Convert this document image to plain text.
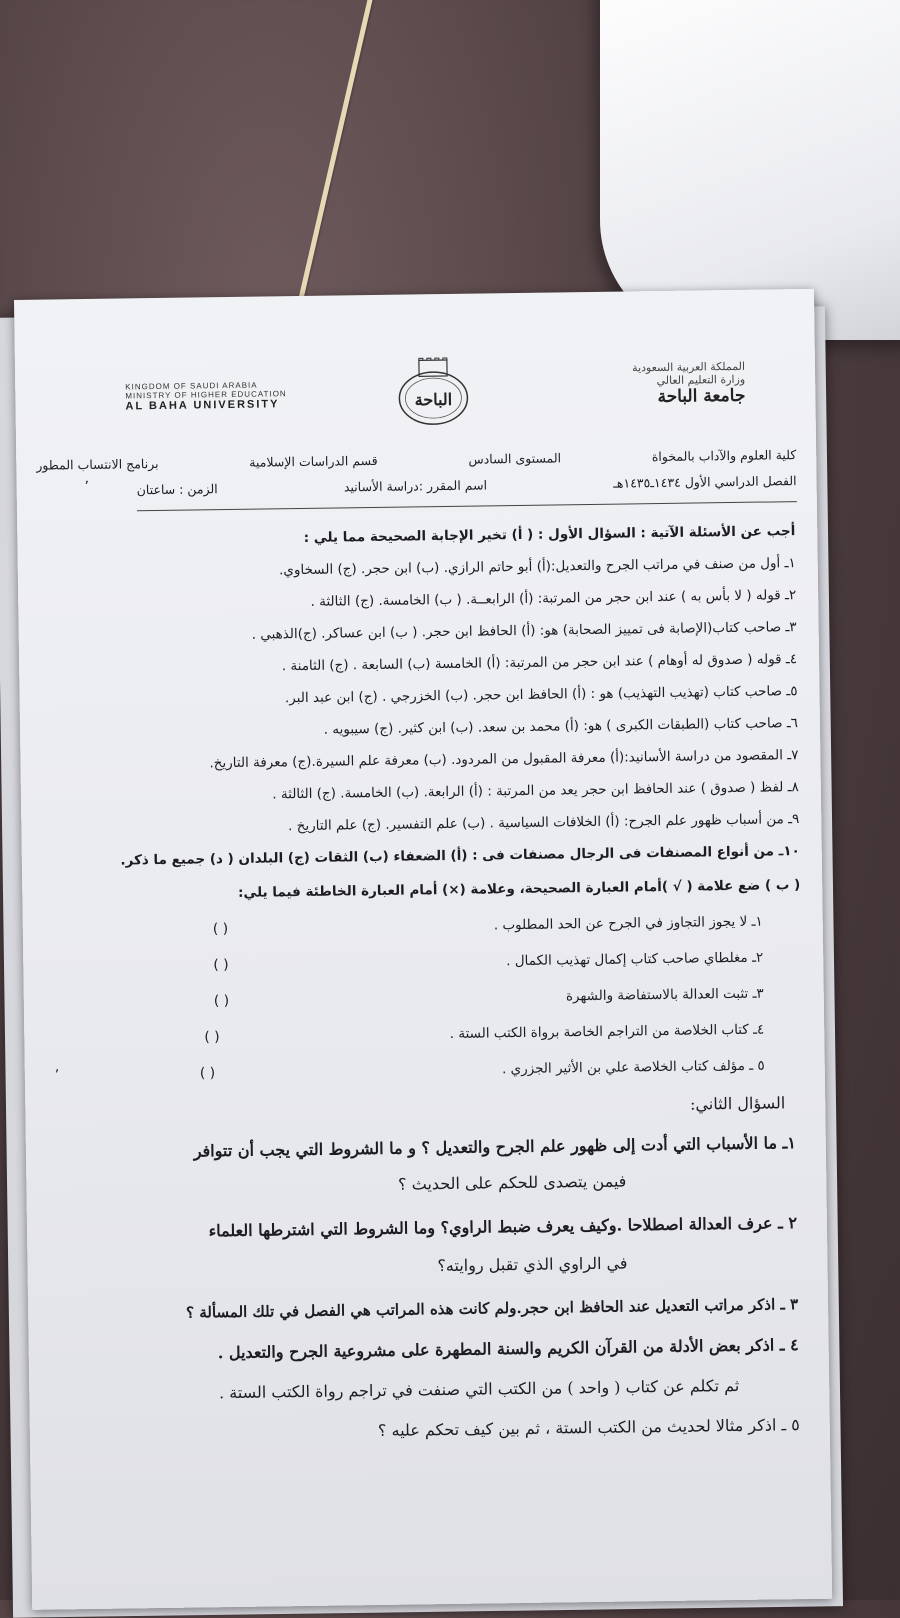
المملكة العربية السعودية
وزارة التعليم العالي
جامعة الباحة
الباحة
KINGDOM OF SAUDI ARABIA
MINISTRY OF HIGHER EDUCATION
AL BAHA UNIVERSITY
كلية العلوم والآداب بالمخواة
المستوى السادس
قسم الدراسات الإسلامية
برنامج الانتساب المطور
الفصل الدراسي الأول ١٤٣٤ـ١٤٣٥هـ
اسم المقرر :دراسة الأسانيد
الزمن : ساعتان
ʼ
أجب عن الأسئلة الآتية : السؤال الأول : ( أ) تخير الإجابة الصحيحة مما يلي :
١ـ أول من صنف في مراتب الجرح والتعديل:(أ) أبو حاتم الرازي. (ب) ابن حجر. (ج) السخاوي.
٢ـ قوله ( لا بأس به ) عند ابن حجر من المرتبة: (أ) الرابعــة. ( ب) الخامسة. (ج) الثالثة .
٣ـ صاحب كتاب(الإصابة فى تمييز الصحابة) هو: (أ) الحافظ ابن حجر. ( ب) ابن عساكر. (ج)الذهبي .
٤ـ قوله ( صدوق له أوهام ) عند ابن حجر من المرتبة: (أ) الخامسة (ب) السابعة . (ج) الثامنة .
٥ـ صاحب كتاب (تهذيب التهذيب) هو : (أ) الحافظ ابن حجر. (ب) الخزرجي . (ج) ابن عبد البر.
٦ـ صاحب كتاب (الطبقات الكبرى ) هو: (أ) محمد بن سعد. (ب) ابن كثير. (ج) سيبويه .
٧ـ المقصود من دراسة الأسانيد:(أ) معرفة المقبول من المردود. (ب) معرفة علم السيرة.(ج) معرفة التاريخ.
٨ـ لفظ ( صدوق ) عند الحافظ ابن حجر يعد من المرتبة : (أ) الرابعة. (ب) الخامسة. (ج) الثالثة .
٩ـ من أسباب ظهور علم الجرح: (أ) الخلافات السياسية . (ب) علم التفسير. (ج) علم التاريخ .
١٠ـ من أنواع المصنفات فى الرجال مصنفات فى : (أ) الضعفاء (ب) الثقات (ج) البلدان ( د) جميع ما ذكر.
( ب ) ضع علامة ( √ )أمام العبارة الصحيحة، وعلامة (×) أمام العبارة الخاطئة فيما يلي:
١ـ لا يجوز التجاوز في الجرح عن الحد المطلوب .
( )
٢ـ مغلطاي صاحب كتاب إكمال تهذيب الكمال .
( )
٣ـ تثبت العدالة بالاستفاضة والشهرة
( )
٤ـ كتاب الخلاصة من التراجم الخاصة برواة الكتب الستة .
( )
٥ ـ مؤلف كتاب الخلاصة علي بن الأثير الجزري .
( )
ʼ
السؤال الثاني:
١ـ ما الأسباب التي أدت إلى ظهور علم الجرح والتعديل ؟ و ما الشروط التي يجب أن تتوافر
فيمن يتصدى للحكم على الحديث ؟
٢ ـ عرف العدالة اصطلاحا .وكيف يعرف ضبط الراوي؟ وما الشروط التي اشترطها العلماء
في الراوي الذي تقبل روايته؟
٣ ـ اذكر مراتب التعديل عند الحافظ ابن حجر.ولم كانت هذه المراتب هي الفصل في تلك المسألة ؟
٤ ـ اذكر بعض الأدلة من القرآن الكريم والسنة المطهرة على مشروعية الجرح والتعديل .
ثم تكلم عن كتاب ( واحد ) من الكتب التي صنفت في تراجم رواة الكتب الستة .
٥ ـ اذكر مثالا لحديث من الكتب الستة ، ثم بين كيف تحكم عليه ؟
